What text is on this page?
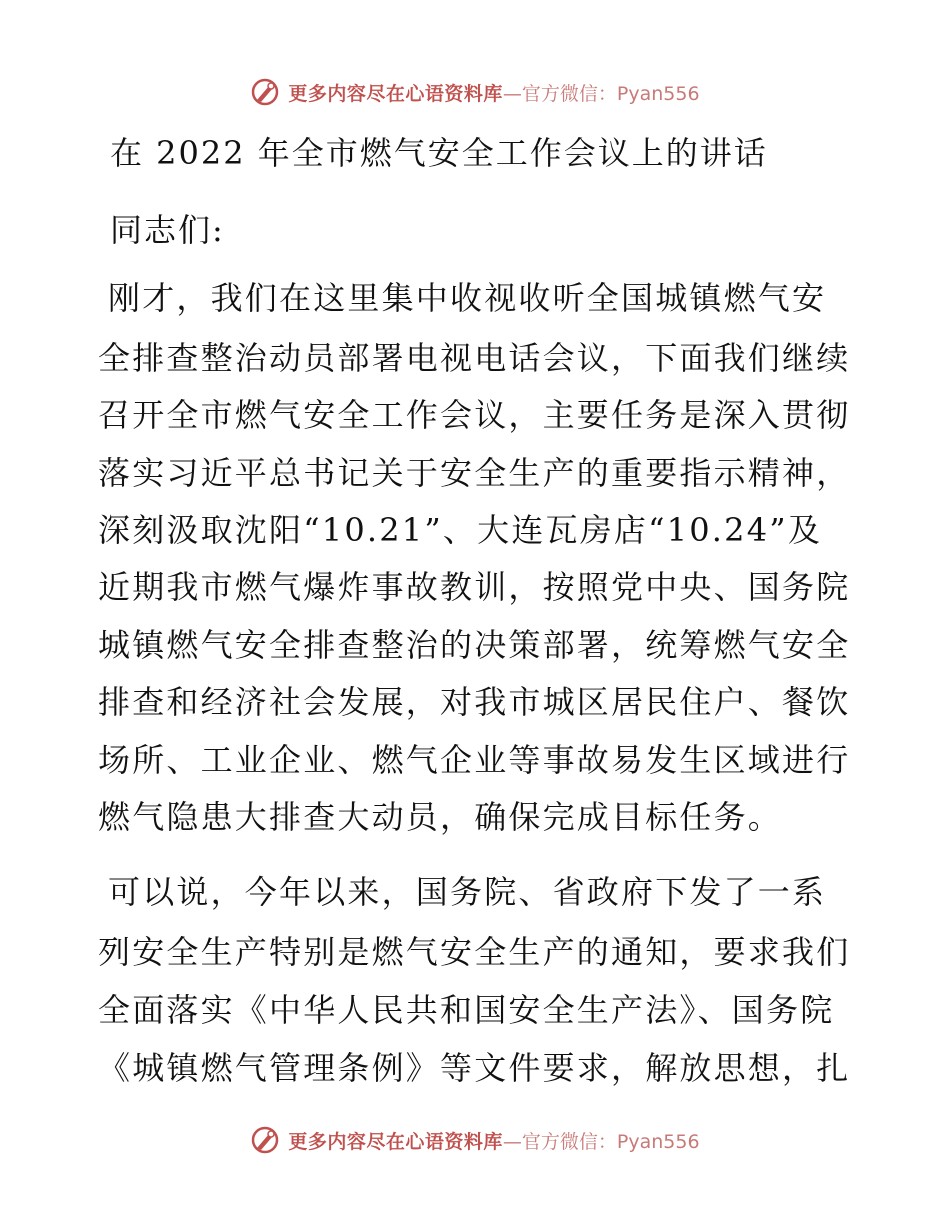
更多内容尽在心语资料库 —官方微信：Pyan556
在 2022 年全市燃气安全工作会议上的讲话
同志们:
刚才，我们在这里集中收视收听全国城镇燃气安
全排查整治动员部署电视电话会议，下面我们继续
召开全市燃气安全工作会议，主要任务是深入贯彻
落实习近平总书记关于安全生产的重要指示精神，
深刻汲取沈阳“10.21”、大连瓦房店“10.24”及
近期我市燃气爆炸事故教训，按照党中央、国务院
城镇燃气安全排查整治的决策部署，统筹燃气安全
排查和经济社会发展，对我市城区居民住户、餐饮
场所、工业企业、燃气企业等事故易发生区域进行
燃气隐患大排查大动员，确保完成目标任务。
可以说，今年以来，国务院、省政府下发了一系
列安全生产特别是燃气安全生产的通知，要求我们
全面落实《中华人民共和国安全生产法》、国务院
《城镇燃气管理条例》等文件要求，解放思想，扎
更多内容尽在心语资料库 —官方微信：Pyan556
